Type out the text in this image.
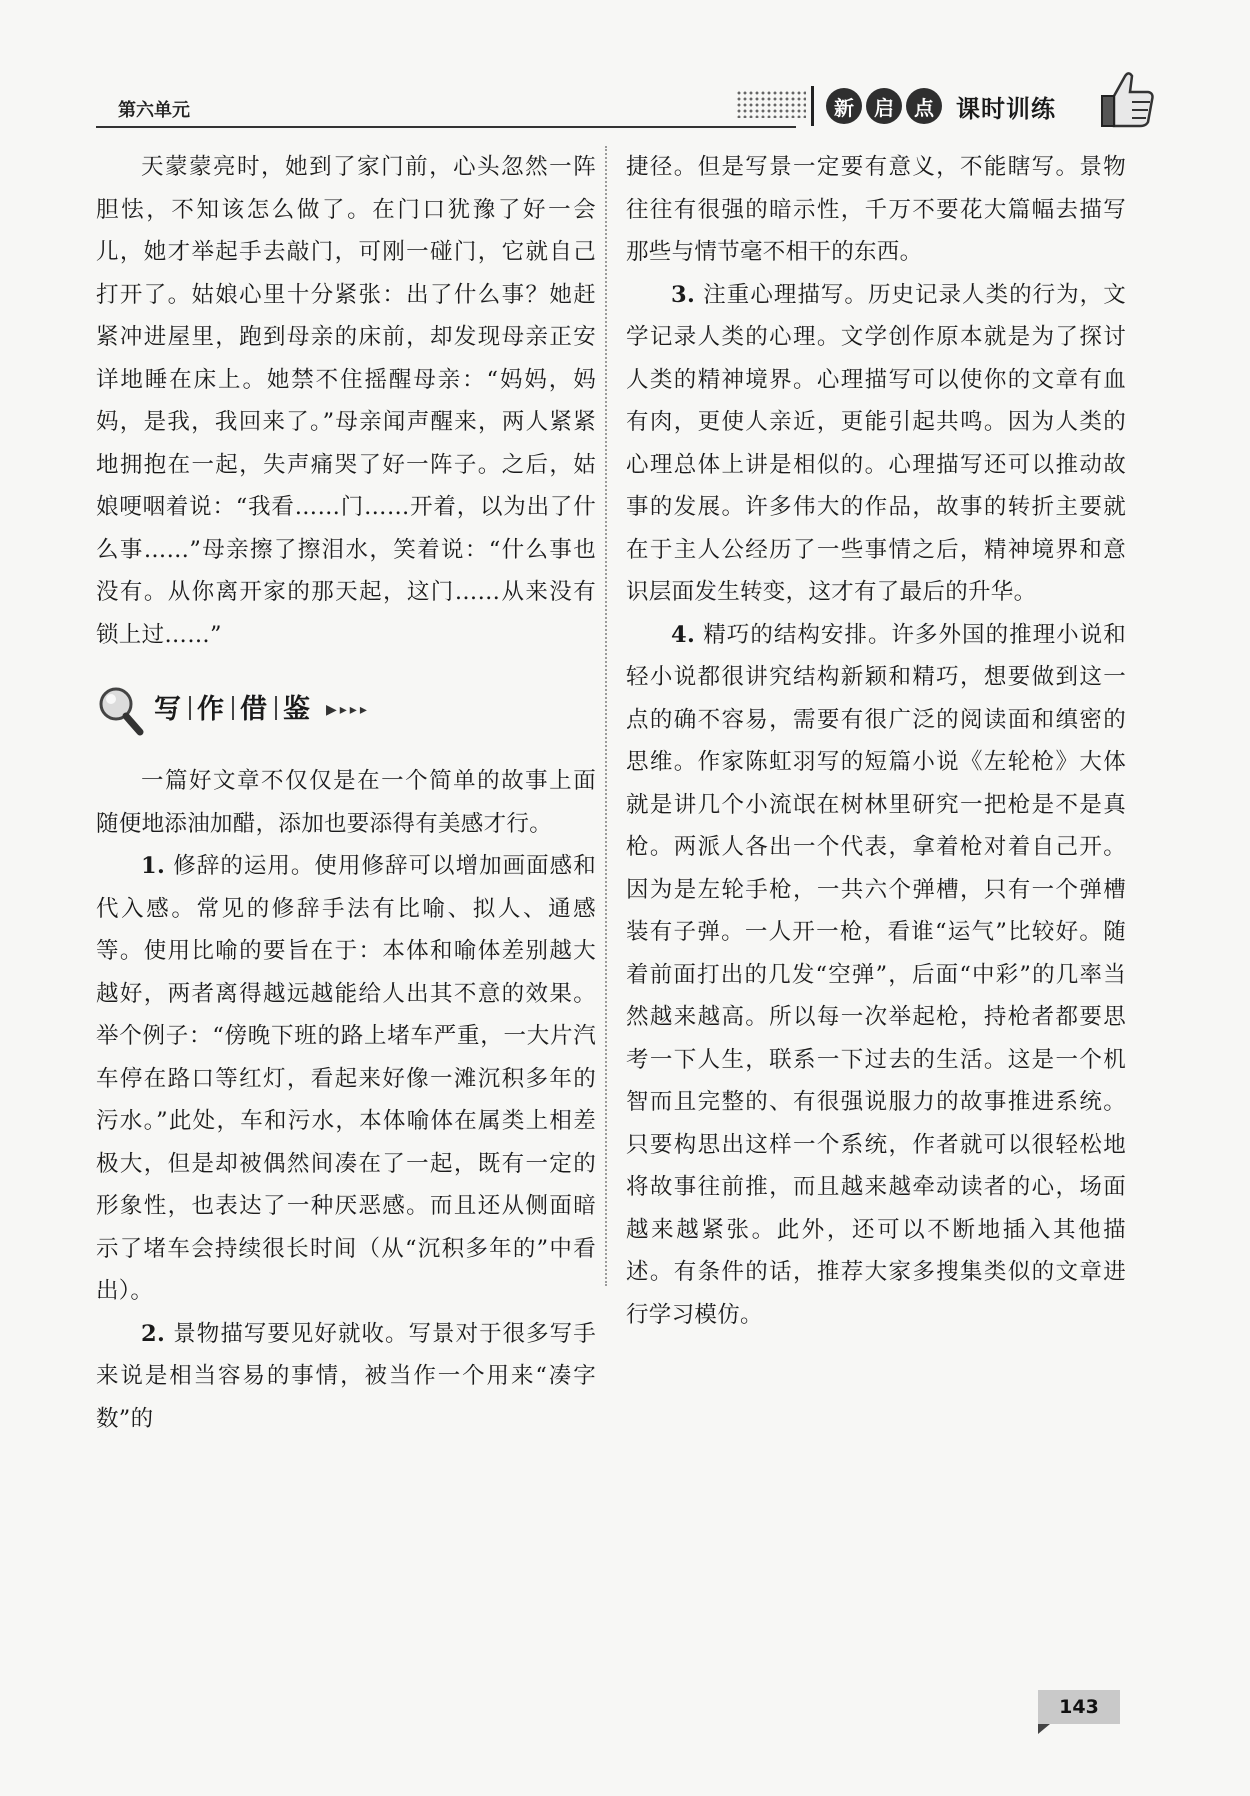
第六单元	新	启	点 课时训练

天蒙蒙亮时，她到了家门前，心头忽然一阵胆怯，不知该怎么做了。在门口犹豫了好一会儿，她才举起手去敲门，可刚一碰门，它就自己打开了。姑娘心里十分紧张：出了什么事？她赶紧冲进屋里，跑到母亲的床前，却发现母亲正安详地睡在床上。她禁不住摇醒母亲：“妈妈，妈妈，是我，我回来了。”母亲闻声醒来，两人紧紧地拥抱在一起，失声痛哭了好一阵子。之后，姑娘哽咽着说：“我看……门……开着，以为出了什么事……”母亲擦了擦泪水，笑着说：“什么事也没有。从你离开家的那天起，这门……从来没有锁上过……”

写 作 借 鉴 ▶▸▸▸

一篇好文章不仅仅是在一个简单的故事上面随便地添油加醋，添加也要添得有美感才行。

1. 修辞的运用。使用修辞可以增加画面感和代入感。常见的修辞手法有比喻、拟人、通感等。使用比喻的要旨在于：本体和喻体差别越大越好，两者离得越远越能给人出其不意的效果。举个例子：“傍晚下班的路上堵车严重，一大片汽车停在路口等红灯，看起来好像一滩沉积多年的污水。”此处，车和污水，本体喻体在属类上相差极大，但是却被偶然间凑在了一起，既有一定的形象性，也表达了一种厌恶感。而且还从侧面暗示了堵车会持续很长时间（从“沉积多年的”中看出）。

2. 景物描写要见好就收。写景对于很多写手来说是相当容易的事情，被当作一个用来“凑字数”的

捷径。但是写景一定要有意义，不能瞎写。景物往往有很强的暗示性，千万不要花大篇幅去描写那些与情节毫不相干的东西。

3. 注重心理描写。历史记录人类的行为，文学记录人类的心理。文学创作原本就是为了探讨人类的精神境界。心理描写可以使你的文章有血有肉，更使人亲近，更能引起共鸣。因为人类的心理总体上讲是相似的。心理描写还可以推动故事的发展。许多伟大的作品，故事的转折主要就在于主人公经历了一些事情之后，精神境界和意识层面发生转变，这才有了最后的升华。

4. 精巧的结构安排。许多外国的推理小说和轻小说都很讲究结构新颖和精巧，想要做到这一点的确不容易，需要有很广泛的阅读面和缜密的思维。作家陈虹羽写的短篇小说《左轮枪》大体就是讲几个小流氓在树林里研究一把枪是不是真枪。两派人各出一个代表，拿着枪对着自己开。因为是左轮手枪，一共六个弹槽，只有一个弹槽装有子弹。一人开一枪，看谁“运气”比较好。随着前面打出的几发“空弹”，后面“中彩”的几率当然越来越高。所以每一次举起枪，持枪者都要思考一下人生，联系一下过去的生活。这是一个机智而且完整的、有很强说服力的故事推进系统。只要构思出这样一个系统，作者就可以很轻松地将故事往前推，而且越来越牵动读者的心，场面越来越紧张。此外，还可以不断地插入其他描述。有条件的话，推荐大家多搜集类似的文章进行学习模仿。

143
